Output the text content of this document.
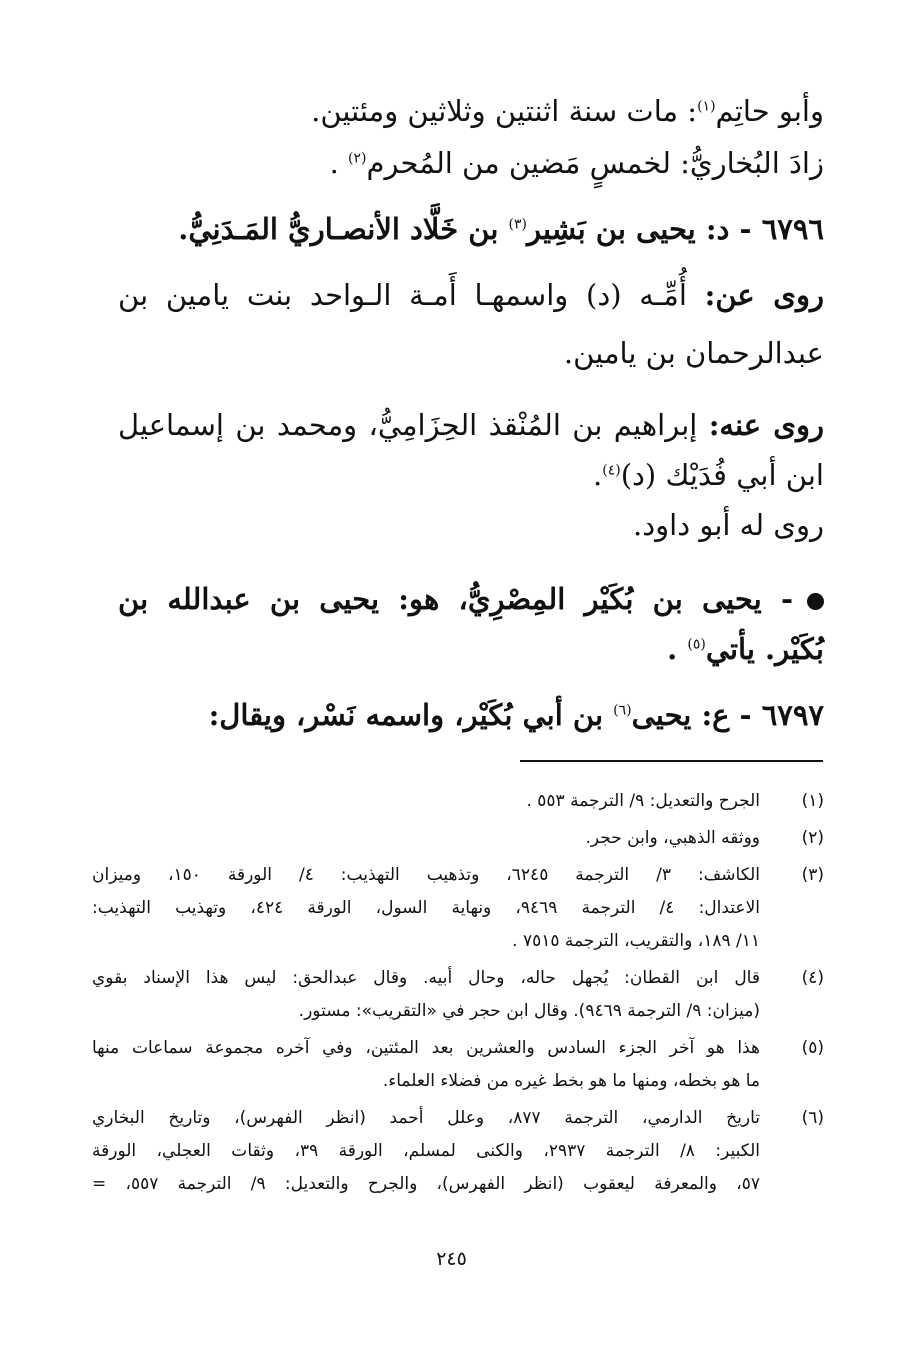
وأبو حاتِم$^{(١)}$: مات سنة اثنتين وثلاثين ومئتين.
زادَ البُخاريُّ: لخمسٍ مَضين من المُحرم$^{(٢)}$ .
٦٧٩٦ - د: يحيى بن بَشِير$^{(٣)}$ بن خَلَّاد الأنصـاريُّ المَـدَنِيُّ.
روى عن: أُمِّـه (د) واسمهـا أَمـة الـواحد بنت يامين بن
عبدالرحمان بن يامين.
روى عنه: إبراهيم بن المُنْقذ الحِزَامِيُّ، ومحمد بن إسماعيل
ابن أبي فُدَيْك (د)$^{(٤)}$.
روى له أبو داود.
- يحيى بن بُكَيْر المِصْرِيُّ، هو: يحيى بن عبدالله بن
بُكَيْر. يأتي$^{(٥)}$ .
٦٧٩٧ - ع: يحيى$^{(٦)}$ بن أبي بُكَيْر، واسمه نَسْر، ويقال:
(١)
الجرح والتعديل: ٩/ الترجمة ٥٥٣ .
(٢)
ووثقه الذهبي، وابن حجر.
(٣)
الكاشف: ٣/ الترجمة ٦٢٤٥، وتذهيب التهذيب: ٤/ الورقة ١٥٠، وميزان
الاعتدال: ٤/ الترجمة ٩٤٦٩، ونهاية السول، الورقة ٤٢٤، وتهذيب التهذيب:
١١/ ١٨٩، والتقريب، الترجمة ٧٥١٥ .
(٤)
قال ابن القطان: يُجهل حاله، وحال أبيه. وقال عبدالحق: ليس هذا الإسناد بقوي
(ميزان: ٩/ الترجمة ٩٤٦٩). وقال ابن حجر في «التقريب»: مستور.
(٥)
هذا هو آخر الجزء السادس والعشرين بعد المئتين، وفي آخره مجموعة سماعات منها
ما هو بخطه، ومنها ما هو بخط غيره من فضلاء العلماء.
(٦)
تاريخ الدارمي، الترجمة ٨٧٧، وعلل أحمد (انظر الفهرس)، وتاريخ البخاري
الكبير: ٨/ الترجمة ٢٩٣٧، والكنى لمسلم، الورقة ٣٩، وثقات العجلي، الورقة
٥٧، والمعرفة ليعقوب (انظر الفهرس)، والجرح والتعديل: ٩/ الترجمة ٥٥٧، =
٢٤٥
